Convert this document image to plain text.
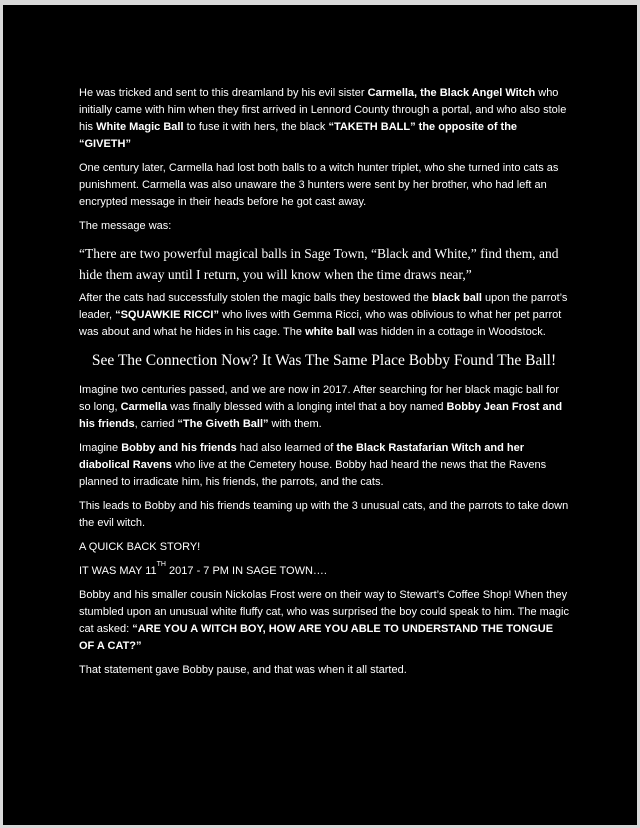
He was tricked and sent to this dreamland by his evil sister Carmella, the Black Angel Witch who initially came with him when they first arrived in Lennord County through a portal, and who also stole his White Magic Ball to fuse it with hers, the black “TAKETH BALL” the opposite of the “GIVETH”

One century later, Carmella had lost both balls to a witch hunter triplet, who she turned into cats as punishment. Carmella was also unaware the 3 hunters were sent by her brother, who had left an encrypted message in their heads before he got cast away.

The message was:

“There are two powerful magical balls in Sage Town, “Black and White,” find them, and hide them away until I return, you will know when the time draws near,”

After the cats had successfully stolen the magic balls they bestowed the black ball upon the parrot’s leader, “SQUAWKIE RICCI” who lives with Gemma Ricci, who was oblivious to what her pet parrot was about and what he hides in his cage. The white ball was hidden in a cottage in Woodstock.

See The Connection Now? It Was The Same Place Bobby Found The Ball!

Imagine two centuries passed, and we are now in 2017. After searching for her black magic ball for so long, Carmella was finally blessed with a longing intel that a boy named Bobby Jean Frost and his friends, carried “The Giveth Ball” with them.

Imagine Bobby and his friends had also learned of the Black Rastafarian Witch and her diabolical Ravens who live at the Cemetery house. Bobby had heard the news that the Ravens planned to irradicate him, his friends, the parrots, and the cats.

This leads to Bobby and his friends teaming up with the 3 unusual cats, and the parrots to take down the evil witch.

A QUICK BACK STORY!

IT WAS MAY 11TH 2017 - 7 PM IN SAGE TOWN….

Bobby and his smaller cousin Nickolas Frost were on their way to Stewart’s Coffee Shop! When they stumbled upon an unusual white fluffy cat, who was surprised the boy could speak to him. The magic cat asked: “ARE YOU A WITCH BOY, HOW ARE YOU ABLE TO UNDERSTAND THE TONGUE OF A CAT?”

That statement gave Bobby pause, and that was when it all started.
